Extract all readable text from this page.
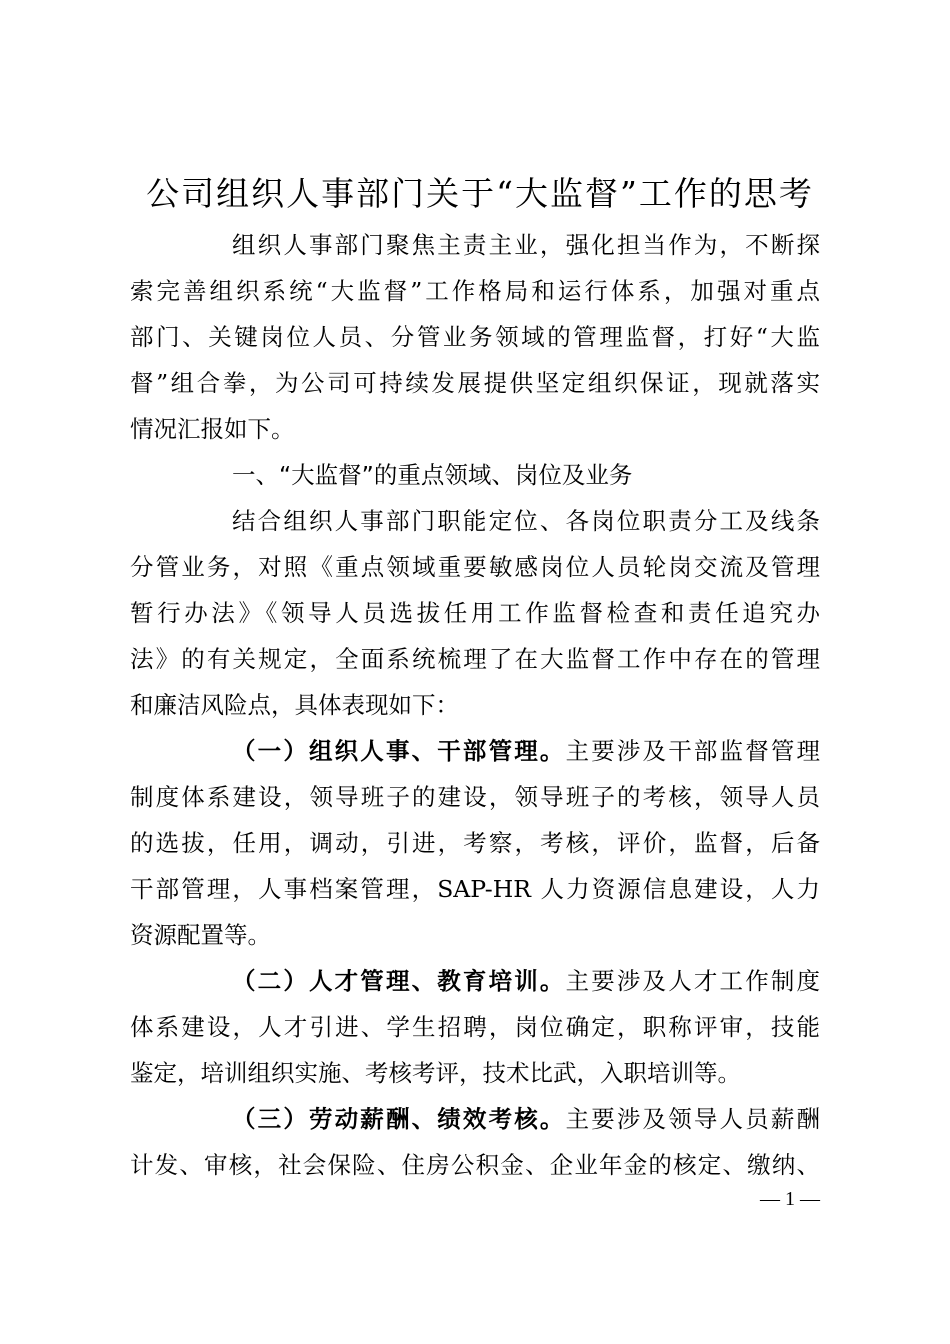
公司组织人事部门关于“大监督”工作的思考
组织人事部门聚焦主责主业，强化担当作为，不断探
索完善组织系统“大监督”工作格局和运行体系，加强对重点
部门、关键岗位人员、分管业务领域的管理监督，打好“大监
督”组合拳，为公司可持续发展提供坚定组织保证，现就落实
情况汇报如下。
一、“大监督”的重点领域、岗位及业务
结合组织人事部门职能定位、各岗位职责分工及线条
分管业务，对照《重点领域重要敏感岗位人员轮岗交流及管理
暂行办法》《领导人员选拔任用工作监督检查和责任追究办
法》的有关规定，全面系统梳理了在大监督工作中存在的管理
和廉洁风险点，具体表现如下：
（一）组织人事、干部管理。主要涉及干部监督管理
制度体系建设，领导班子的建设，领导班子的考核，领导人员
的选拔，任用，调动，引进，考察，考核，评价，监督，后备
干部管理，人事档案管理，SAP-HR 人力资源信息建设，人力
资源配置等。
（二）人才管理、教育培训。主要涉及人才工作制度
体系建设，人才引进、学生招聘，岗位确定，职称评审，技能
鉴定，培训组织实施、考核考评，技术比武，入职培训等。
（三）劳动薪酬、绩效考核。主要涉及领导人员薪酬
计发、审核，社会保险、住房公积金、企业年金的核定、缴纳、
— 1 —
